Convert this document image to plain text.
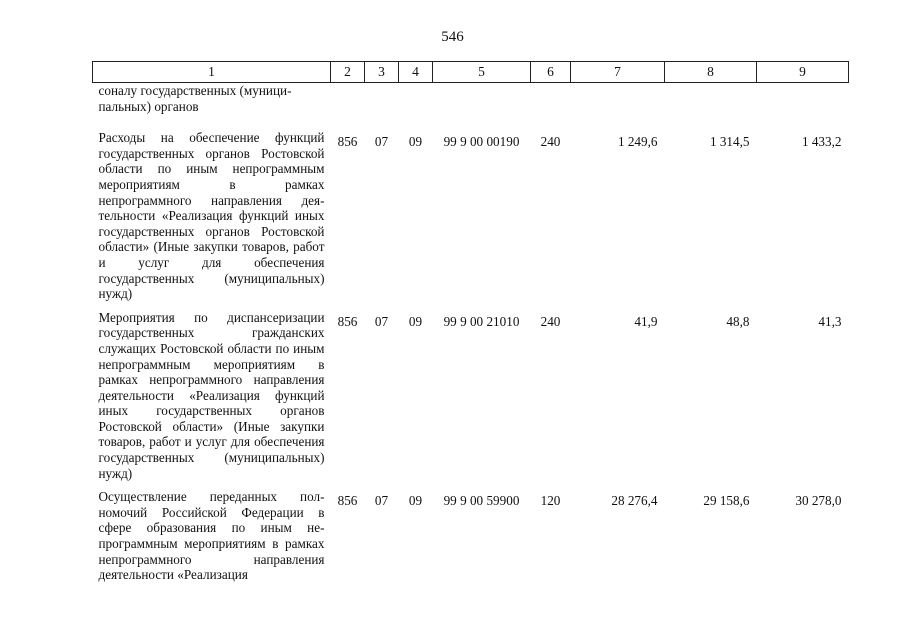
546
1	2	3	4	5	6	7	8	9

соналу государственных (муници-
пальных) органов								

Расходы на обеспечение функций государственных органов Ростовской области по иным непрограммным мероприятиям в рамках непрограммного направления деятельности «Реализация функций иных государственных органов Ростовской области» (Иные закупки товаров, работ и услуг для обеспечения государственных (муниципальных) нужд)	856	07	09	99 9 00 00190	240	1 249,6	1 314,5	1 433,2
Мероприятия по диспансеризации государственных гражданских служащих Ростовской области по иным непрограммным мероприятиям в рамках непрограммного направления деятельности «Реализация функций иных государственных органов Ростовской области» (Иные закупки товаров, работ и услуг для обеспечения государственных (муниципальных) нужд)	856	07	09	99 9 00 21010	240	41,9	48,8	41,3
Осуществление переданных полномочий Российской Федерации в сфере образования по иным непрограммным мероприятиям в рамках непрограммного направления деятельности «Реализация	856	07	09	99 9 00 59900	120	28 276,4	29 158,6	30 278,0
